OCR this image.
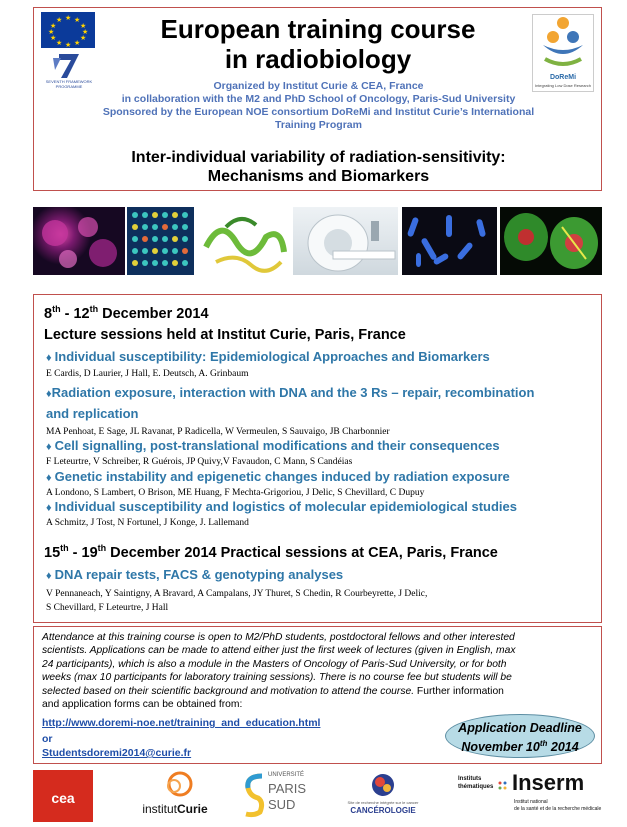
★ ★
★
★
★
★
★
★
★
★
★
★
SEVENTH FRAMEWORK PROGRAMME
European training course
in radiobiology
DoReMi
Integrating Low Dose Research
Organized by Institut Curie & CEA, France
in collaboration with the M2 and PhD School of Oncology, Paris-Sud University
Sponsored by the European NOE consortium DoReMi and Institut Curie’s International
Training Program
Inter-individual variability of radiation-sensitivity:
Mechanisms and Biomarkers
8th - 12th December 2014
Lecture sessions held at Institut Curie, Paris, France
♦ Individual susceptibility: Epidemiological Approaches and Biomarkers
E Cardis, D Laurier, J Hall, E. Deutsch, A. Grinbaum
♦Radiation exposure, interaction with DNA and the 3 Rs – repair, recombination
and replication
MA Penhoat, E Sage, JL Ravanat, P Radicella, W Vermeulen, S Sauvaigo, JB Charbonnier
♦ Cell signalling, post-translational modifications and their consequences
F Leteurtre, V Schreiber, R Guérois, JP Quivy,V Favaudon, C Mann, S Candéias
♦ Genetic instability and epigenetic changes induced by radiation exposure
A Londono, S Lambert, O Brison, ME Huang, F Mechta-Grigoriou, J Delic, S Chevillard, C Dupuy
♦ Individual susceptibility and logistics of molecular epidemiological studies
A Schmitz, J Tost, N Fortunel, J Konge, J. Lallemand
15th - 19th December 2014 Practical sessions at CEA, Paris, France
♦ DNA repair tests, FACS & genotyping analyses
V Pennaneach, Y Saintigny, A Bravard, A Campalans, JY Thuret, S Chedin, R Courbeyrette, J Delic,
S Chevillard, F Leteurtre, J Hall
Attendance at this training course is open to M2/PhD students, postdoctoral fellows and other interested
scientists. Applications can be made to attend either just the first week of lectures (given in English, max
24 participants), which is also a module in the Masters of Oncology of Paris-Sud University, or for both
weeks (max 10 participants for laboratory training sessions). There is no course fee but students will be
selected based on their scientific background and motivation to attend the course. Further information
and application forms can be obtained from:
http://www.doremi-noe.net/training_and_education.html
or
Studentsdoremi2014@curie.fr
Application Deadline
November 10th 2014
cea
institutCurie
UNIVERSITÉ
PARIS
SUD	Site de recherche intégrée sur le cancer
CANCÉROLOGIE
Instituts
thématiques Inserm
Institut national
de la santé et de la recherche médicale
